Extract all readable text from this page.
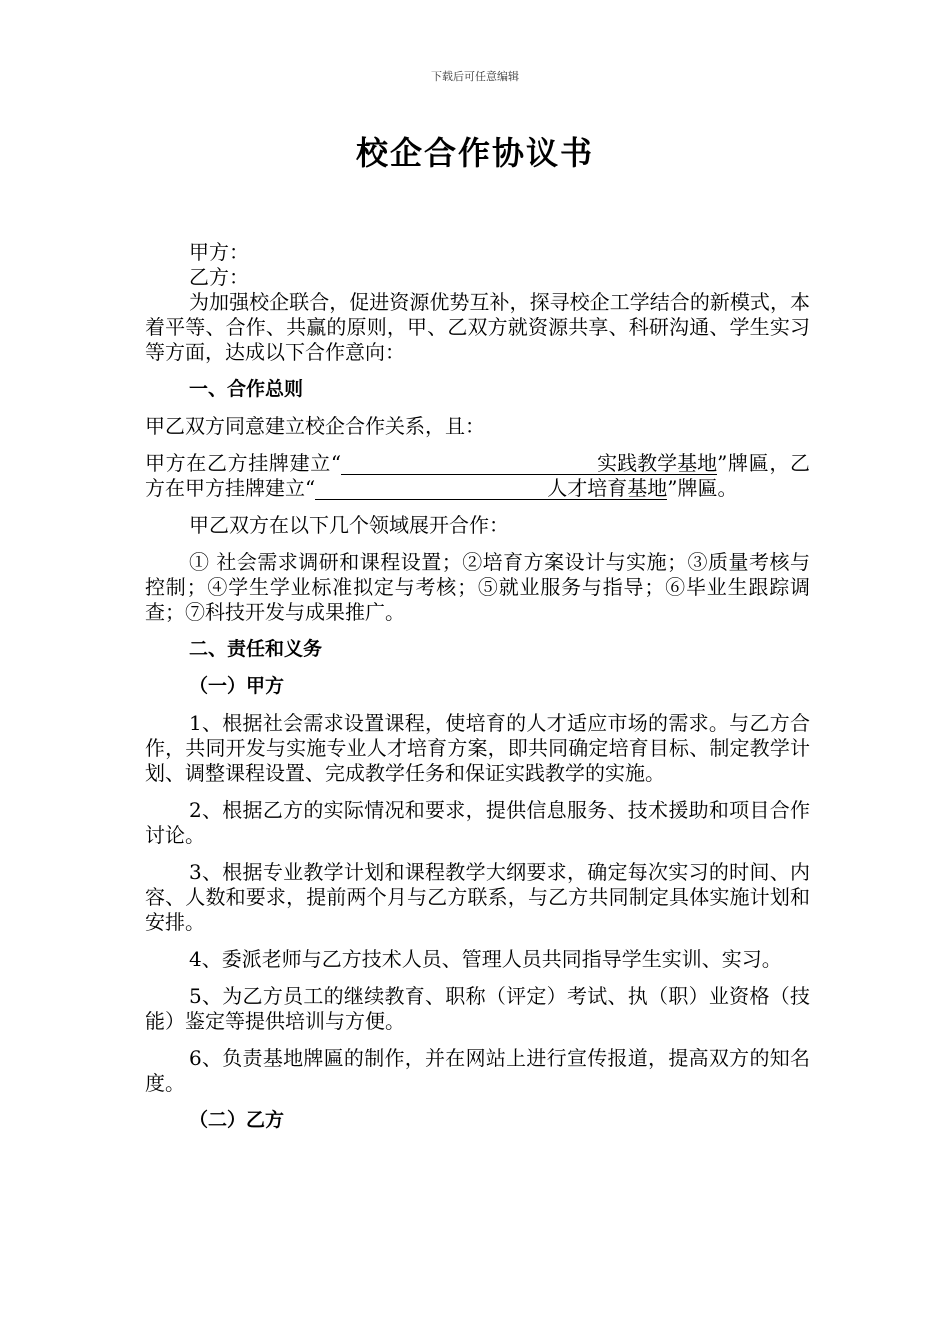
下载后可任意编辑
校企合作协议书

甲方：

乙方：

为加强校企联合，促进资源优势互补，探寻校企工学结合的新模式，本着平等、合作、共赢的原则，甲、乙双方就资源共享、科研沟通、学生实习等方面，达成以下合作意向：

一、合作总则

甲乙双方同意建立校企合作关系，且：

甲方在乙方挂牌建立“	实践教学基地”牌匾，乙方在甲方挂牌建立“	人才培育基地”牌匾。

甲乙双方在以下几个领域展开合作：

① 社会需求调研和课程设置；②培育方案设计与实施；③质量考核与控制；④学生学业标准拟定与考核；⑤就业服务与指导；⑥毕业生跟踪调查；⑦科技开发与成果推广。

二、责任和义务

（一）甲方

1、根据社会需求设置课程，使培育的人才适应市场的需求。与乙方合作，共同开发与实施专业人才培育方案，即共同确定培育目标、制定教学计划、调整课程设置、完成教学任务和保证实践教学的实施。

2、根据乙方的实际情况和要求，提供信息服务、技术援助和项目合作讨论。

3、根据专业教学计划和课程教学大纲要求，确定每次实习的时间、内容、人数和要求，提前两个月与乙方联系，与乙方共同制定具体实施计划和安排。

4、委派老师与乙方技术人员、管理人员共同指导学生实训、实习。

5、为乙方员工的继续教育、职称（评定）考试、执（职）业资格（技能）鉴定等提供培训与方便。

6、负责基地牌匾的制作，并在网站上进行宣传报道，提高双方的知名度。

（二）乙方
